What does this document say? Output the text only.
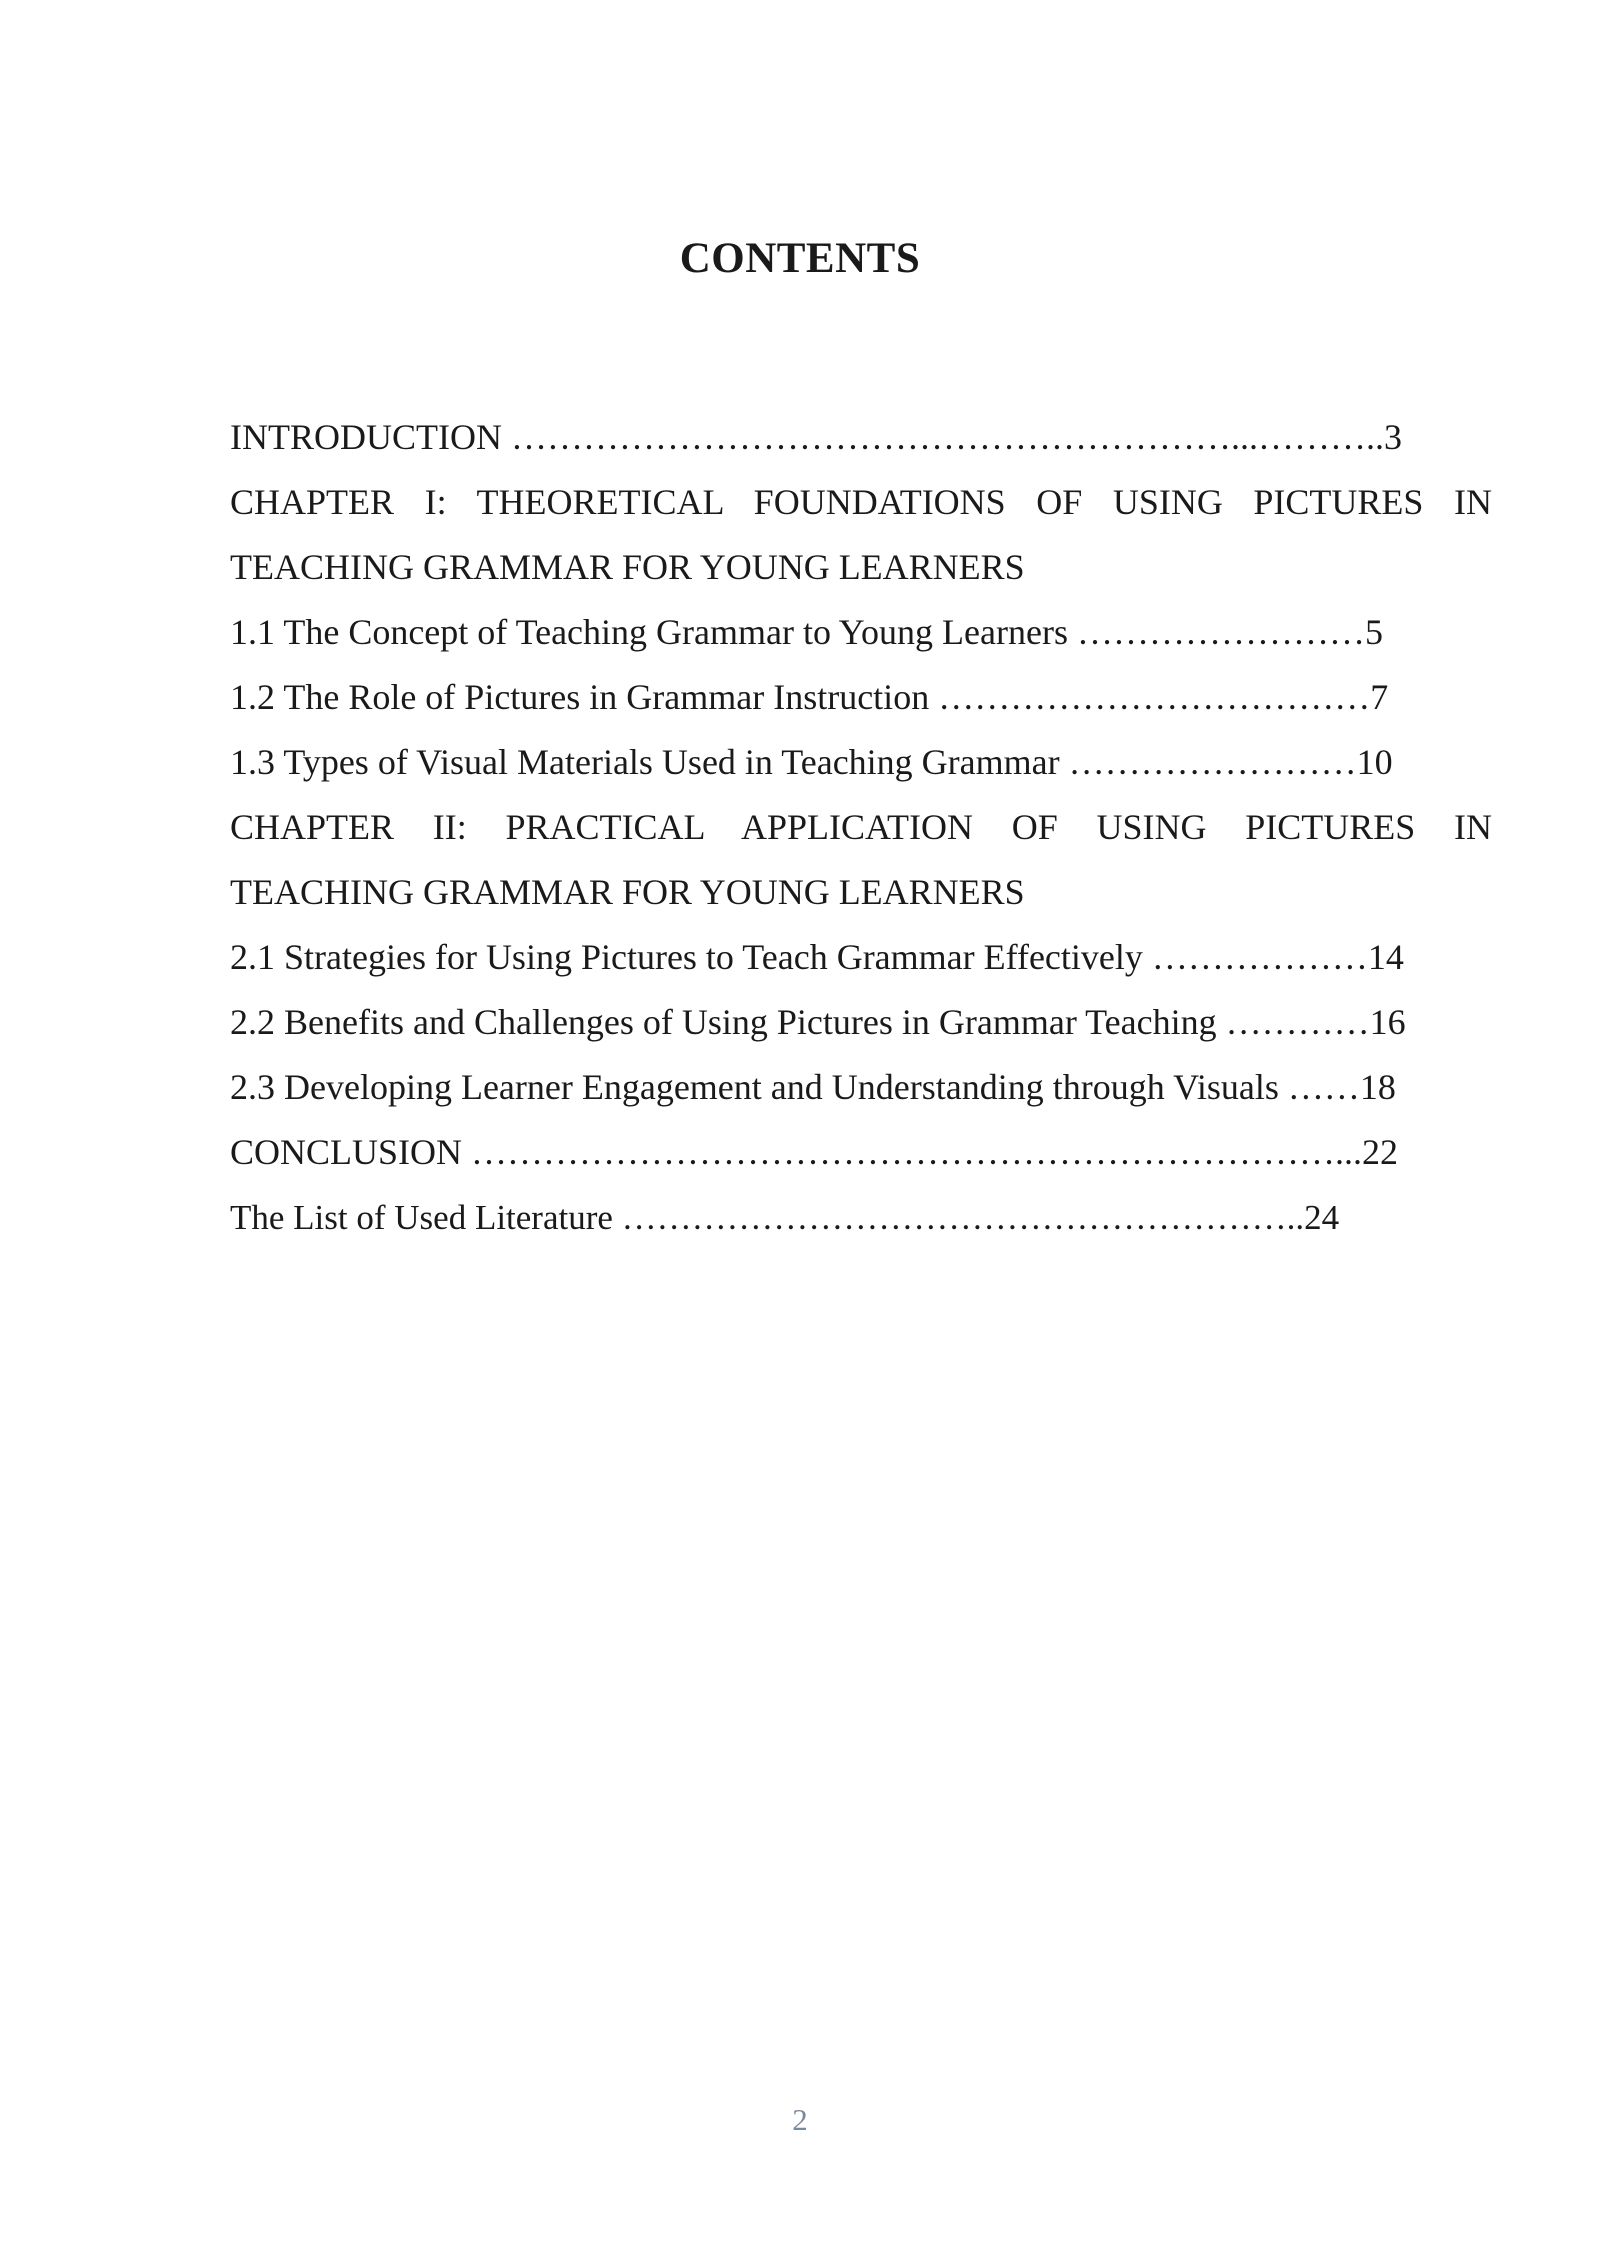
CONTENTS
INTRODUCTION ……………………………………………………...………..3
CHAPTER I: THEORETICAL FOUNDATIONS OF USING PICTURES IN
TEACHING GRAMMAR FOR YOUNG LEARNERS
1.1 The Concept of Teaching Grammar to Young Learners ……………………5
1.2 The Role of Pictures in Grammar Instruction ………………………………7
1.3 Types of Visual Materials Used in Teaching Grammar ……………………10
CHAPTER II: PRACTICAL APPLICATION OF USING PICTURES IN
TEACHING GRAMMAR FOR YOUNG LEARNERS
2.1 Strategies for Using Pictures to Teach Grammar Effectively ………………14
2.2 Benefits and Challenges of Using Pictures in Grammar Teaching …………16
2.3 Developing Learner Engagement and Understanding through Visuals ……18
CONCLUSION ………………………………………………………………...22
The List of Used Literature …………………………………………………..24
2
